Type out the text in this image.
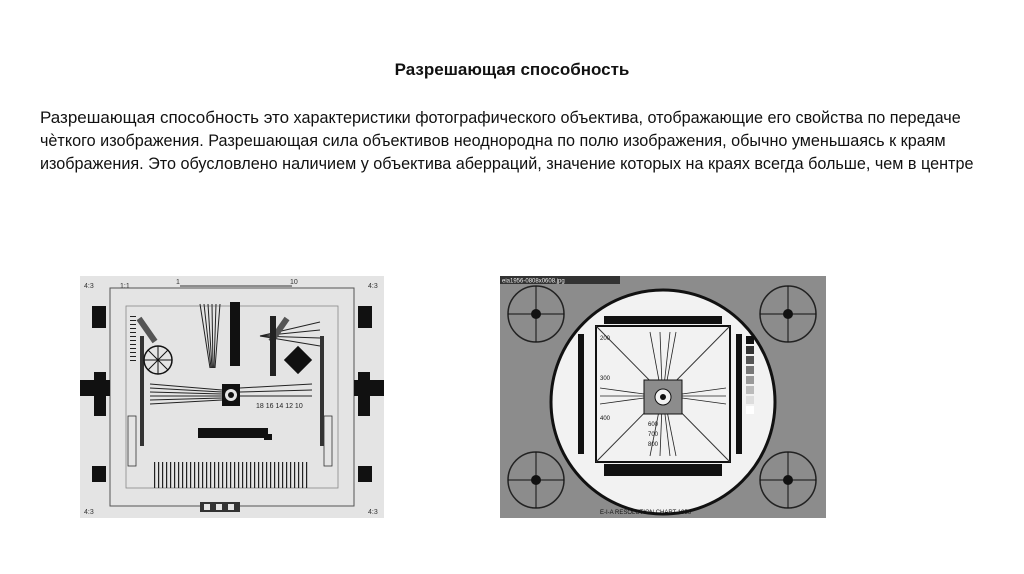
Разрешающая способность
Разрешающая способность это характеристики фотографического объектива, отображающие его свойства по передаче чѐткого изображения. Разрешающая сила объективов неоднородна по полю изображения, обычно уменьшаясь к краям изображения. Это обусловлено наличием у объектива аберраций, значение которых на краях всегда больше, чем в центре
4:3	1:1	4:3
4:3	4:3
1	10
18 16 14 12 10
eia1956-0808x0608.jpg
200
300
400
600
700
800
E-I-A RESOLUTION CHART 1956
